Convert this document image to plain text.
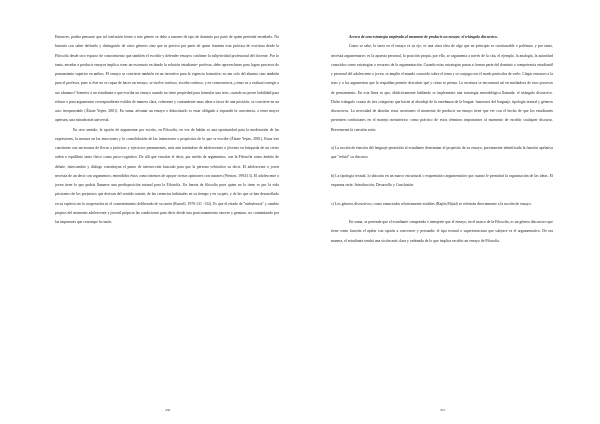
Entonces, podría pensarse que tal confusión frente a este género se debe a razones de tipo de dominio por parte de quien pretende enseñarlo. No bastaría con saber definirlo y distinguirlo de otros géneros sino que es preciso por parte de quien fomenta esta práctica de escritura desde la Filosofía desde otro espacio de conocimiento que también el escribir y defender ensayos confirme la subjetividad profesional del docente. Por lo tanto, enseñar a producir ensayos implica crear un escenario en donde la relación estudiante- profesor, debe aprovecharse para lograr procesos de pensamiento superior en ambos. El ensayo se convierte también en un incentivo para la vigencia formativa: no tan solo del alumno sino también para el profesor, pues si éste no es capaz de hacer un ensayo, se vuelve confuso, escribe confuso, y en consecuencia ¿cómo va a evaluar/corregir a sus alumnos? Someter a un estudiante a que escriba un ensayo cuando no tiene propiedad para formular una tesis, cuando no posee habilidad para refutar o para argumentar correspondiente exhibir de manera clara, coherente y contundente unas ideas a favor de una posición, se convierte en un acto irresponsable (Álzate Yepes, 2001). En suma, afrontar un ensayo o didactizarlo es estar obligado a expandir la conciencia, a tener mayor apertura, una mirada más universal.

En otro sentido, la opción de argumentar por escrito, en Filosofía, en vez de hablar es una oportunidad para la moderación de las expresiones, la mesura en las emociones y la consolidación de las intenciones o propósitos de lo que se escribe (Álzate Yepes, 2001). Estas tres cuestiones son necesarias de llevar a prácticas y ejercicios permanentes, más aún tratándose de adolescentes o jóvenes en búsqueda de un cierto orden o equilibrio tanto físico como psico-cognitivo. De allí que vincular el decir, por medio de argumentos, con la Filosofía como ámbito de debate, intercambio y diálogo constituyan el punto de intersección buscado para que la persona vehiculice su decir. El adolescente o joven necesita de un decir con argumentos; entendidos éstos como intentos de apoyar ciertas opiniones con razones (Weston, 1994:13). El adolescente o joven tiene lo que podría llamarse una predisposición natural para la Filosofía. Un barniz de filosofía pues quien no lo tiene vs por la vida prisionero de los prejuicios que derivan del sentido común, de las creencias habituales en su tiempo y en su país, y de las que se han desarrollado en su espíritu sin la cooperación ni el consentimiento deliberado de su razón (Russell, 1970:131 -132). Es que el estado de "turbulencia" y cambio propios del momento adolescente y juvenil propicia las condiciones para decir desde una posicionamiento sincero y genuino, no contaminado por las impurezas que corrompe la razón.

430

Acerca de una estrategia empleada al momento de producir un ensayo: el triángulo discursivo.

Como se sabe, la tarea en el ensayo es su eje, es una clara idea de algo que en principio es cuestionable o polémico y por tanto, necesita argumentarse; es la apuesta personal, la posición propia, por ello, se argumenta a través de la cita, el ejemplo, la analogía, la autoridad conocidos como estrategias o recursos de la argumentación. Cuando estas estrategias pasan a formar parte del dominio o competencia estudiantil y personal del adolescente o joven, se amplía el mundo conocido sobre el tema y se conjuga con el modo particular de verlo. Llegar entonces a la tesis y a los argumentos que la respaldan permite descubrir qué y cómo se piensa. La escritura se encontrará así en mediadora de esos procesos de pensamiento. En esta línea es que, didácticamente hablando se implementó una estrategia metodológica llamada: el triángulo discursivo. Dicho triángulo consta de tres categorías que hacen al abordaje de la enseñanza de la lengua: funciones del lenguaje, tipología textual y géneros discursivos. La necesidad de abordar estas cuestiones el momento de producir un ensayo tiene que ver con el hecho de que los estudiantes presenten confusiones en el manejo metateórico como práctico de estos términos importantes al momento de escribir cualquier discurso. Brevemente la cuestión sería:

a) La noción de función del lenguaje permitiría al estudiante determinar el propósito de su ensayo, previamente identificada la función apelativa que "refutá" su discurso.

b) La tipología textual, lo ubicaría en un marco estructural o esquemático argumentativo por cuanto le permitirá la organización de las ideas. El esquema sería: Introducción, Desarrollo y Conclusión.

c) Los géneros discursivos, como enunciados relativamente estables (Bajtín,Mijail) se referirán directamente a la noción de ensayo.

En suma, se pretende que el estudiante comprenda e interprete que el ensayo, en el marco de la Filosofía, es un género discursivo que tiene como función el apelar con opción a convencer y persuadir, el tipo textual o superestructura que subyace es el argumentativo. De esa manera, el estudiante tendrá una visión más clara y ordenada de lo que implica escribir un ensayo de Filosofía.

431
